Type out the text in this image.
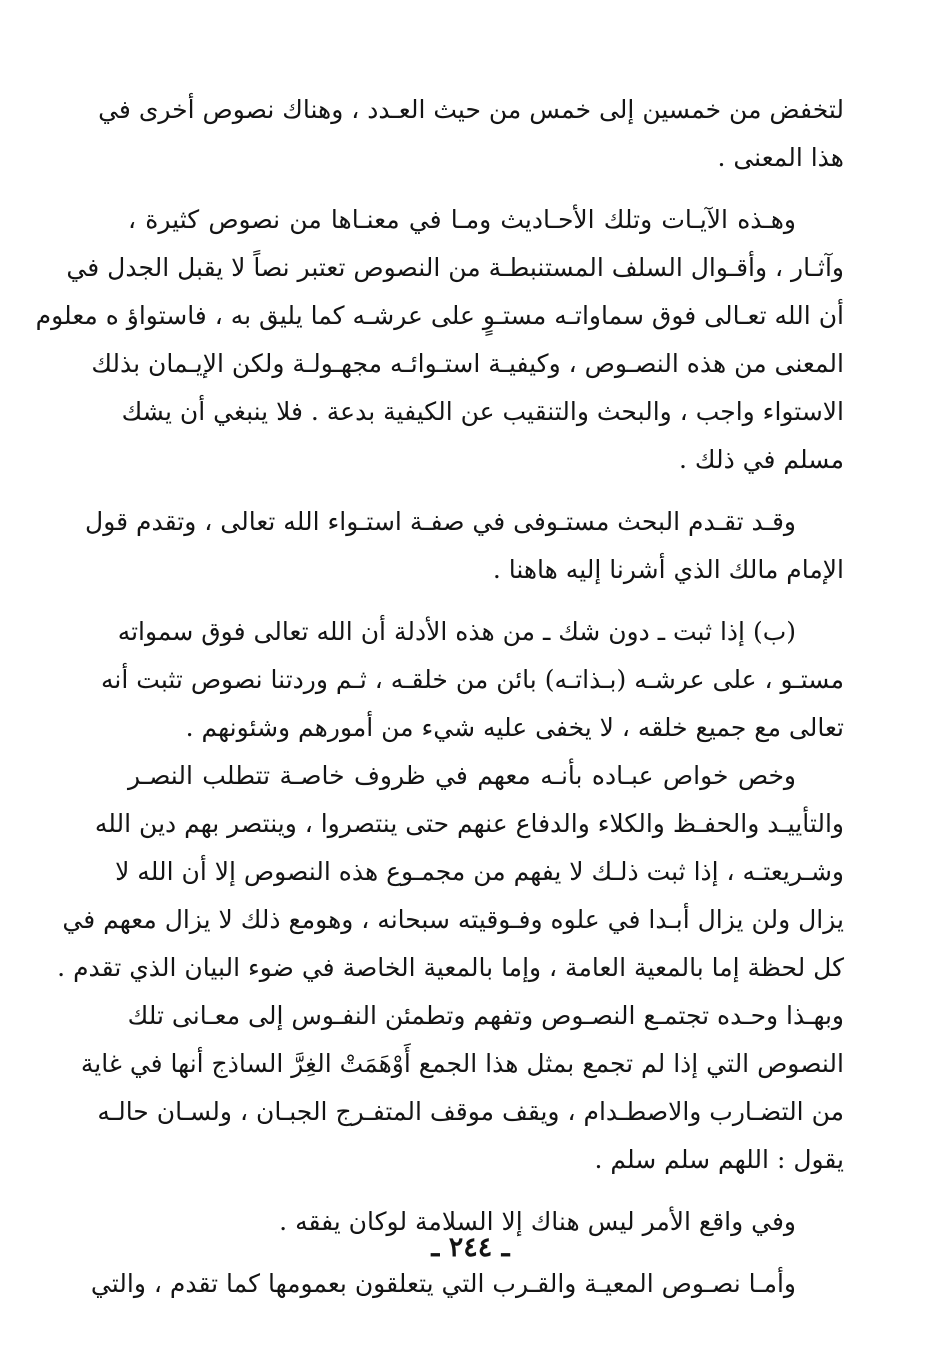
لتخفض من خمسين إلى خمس من حيث العـدد ، وهناك نصوص أخرى في
هذا المعنى .
وهـذه الآيـات وتلك الأحـاديث ومـا في معنـاها من نصوص كثيرة ،
وآثـار ، وأقـوال السلف المستنبطـة من النصوص تعتبر نصاً لا يقبل الجدل في
أن الله تعـالى فوق سماواتـه مستـوٍ على عرشـه كما يليق به ، فاستواؤ ه معلوم
المعنى من هذه النصـوص ، وكيفيـة استـوائـه مجهـولـة ولكن الإيـمان بذلك
الاستواء واجب ، والبحث والتنقيب عن الكيفية بدعة . فلا ينبغي أن يشك
مسلم في ذلك .
وقـد تقـدم البحث مستـوفى في صفـة استـواء الله تعالى ، وتقدم قول
الإمام مالك الذي أشرنا إليه هاهنا .
(ب) إذا ثبت ـ دون شك ـ من هذه الأدلة أن الله تعالى فوق سمواته
مستـو ، على عرشـه (بـذاتـه) بائن من خلقـه ، ثـم وردتنا نصوص تثبت أنه
تعالى مع جميع خلقه ، لا يخفى عليه شيء من أمورهم وشئونهم .
وخص خواص عبـاده بأنـه معهم في ظروف خاصـة تتطلب النصـر
والتأييـد والحفـظ والكلاء والدفاع عنهم حتى ينتصروا ، وينتصر بهم دين الله
وشـريعتـه ، إذا ثبت ذلـك لا يفهم من مجمـوع هذه النصوص إلا أن الله لا
يزال ولن يزال أبـدا في علوه وفـوقيته سبحانه ، وهومع ذلك لا يزال معهم في
كل لحظة إما بالمعية العامة ، وإما بالمعية الخاصة في ضوء البيان الذي تقدم .
وبهـذا وحـده تجتمـع النصـوص وتفهم وتطمئن النفـوس إلى معـانى تلك
النصوص التي إذا لم تجمع بمثل هذا الجمع أَوْهَمَتْ الغِرَّ الساذج أنها في غاية
من التضـارب والاصطـدام ، ويقف موقف المتفـرج الجبـان ، ولسـان حالـه
يقول : اللهم سلم سلم .
وفي واقع الأمر ليس هناك إلا السلامة لوكان يفقه .
وأمـا نصـوص المعيـة والقـرب التي يتعلقون بعمومها كما تقدم ، والتي
ـ ٢٤٤ ـ
